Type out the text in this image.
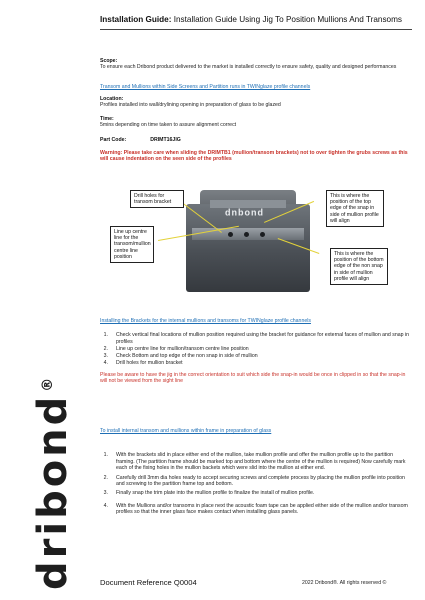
dribond®
Installation Guide: Installation Guide Using Jig To Position Mullions And Transoms
Scope:
To ensure each Dribond product delivered to the market is installed correctly to ensure safety, quality and designed performances
Transom and Mullions within Side Screens and Partition runs in TWINglaze profile channels
Location:
Profiles installed into wall/drylining opening in preparation of glass to be glazed
Time:
5mins depending on time taken to assure alignment correct
Part Code:	DRIMT16JIG
Warning: Please take care when sliding the DRIMTB1 (mullion/transom brackets) not to over tighten the grubs screws as this will cause indentation on the seen side of the profiles
puoqup
Drill holes for transom bracket
Line up centre line for the transom/mullion centre line position
This is where the position of the top edge of the snap in side of mullion profile will align
This is where the position of the bottom edge of the non snap in side of mullion profile will align
Installing the Brackets for the internal mullions and transoms for TWINglaze profile channels
1.	Check vertical final locations of mullion position required using the bracket for guidance for external faces of mullion and snap in profiles
2.	Line up centre line for mullion/transom centre line position
3.	Check Bottom and top edge of the non snap in side of mullion
4.	Drill holes for mullion bracket
Please be aware to have the jig in the correct orientation to suit which side the snap-in would be once in clipped in so that the snap-in will not be viewed from the sight line
To install internal transom and mullions within frame in preparation of glass
1.	With the brackets slid in place either end of the mullion, take mullion profile and offer the mullion profile up to the partition framing. (The partition frame should be marked top and bottom where the centre of the mullion is required) Now carefully mark each of the fixing holes in the mullion backets which were slid into the mullion at either end.
2.	Carefully drill 3mm dia holes ready to accept securing screws and complete process by placing the mullion profile into position and screwing to the partition frame top and bottom.
3.	Finally snap the trim plate into the mullion profile to finalize the install of mullion profile.
4.	With the Mullions and/or transoms in place next the acoustic foam tape can be applied either side of the mullion and/or transom profiles so that the inner glass face makes contact when installing glass panels.
Document Reference Q0004	2022 Dribond®. All rights reserved ©
